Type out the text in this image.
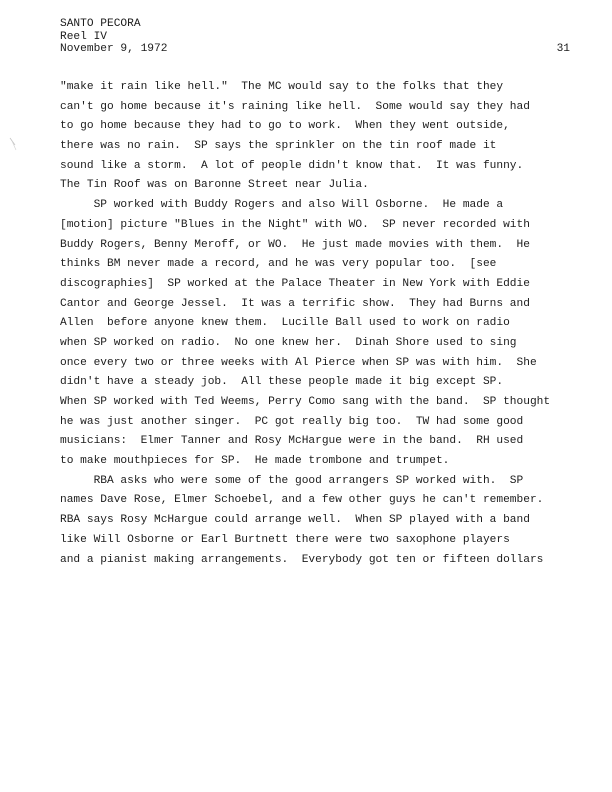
SANTO PECORA
Reel IV
November 9, 1972	31
"make it rain like hell."  The MC would say to the folks that they
can't go home because it's raining like hell.  Some would say they had
to go home because they had to go to work.  When they went outside,
there was no rain.  SP says the sprinkler on the tin roof made it
sound like a storm.  A lot of people didn't know that.  It was funny.
The Tin Roof was on Baronne Street near Julia.
SP worked with Buddy Rogers and also Will Osborne.  He made a
[motion] picture "Blues in the Night" with WO.  SP never recorded with
Buddy Rogers, Benny Meroff, or WO.  He just made movies with them.  He
thinks BM never made a record, and he was very popular too.  [see
discographies]  SP worked at the Palace Theater in New York with Eddie
Cantor and George Jessel.  It was a terrific show.  They had Burns and
Allen  before anyone knew them.  Lucille Ball used to work on radio
when SP worked on radio.  No one knew her.  Dinah Shore used to sing
once every two or three weeks with Al Pierce when SP was with him.  She
didn't have a steady job.  All these people made it big except SP.
When SP worked with Ted Weems, Perry Como sang with the band.  SP thought
he was just another singer.  PC got really big too.  TW had some good
musicians:  Elmer Tanner and Rosy McHargue were in the band.  RH used
to make mouthpieces for SP.  He made trombone and trumpet.
RBA asks who were some of the good arrangers SP worked with.  SP
names Dave Rose, Elmer Schoebel, and a few other guys he can't remember.
RBA says Rosy McHargue could arrange well.  When SP played with a band
like Will Osborne or Earl Burtnett there were two saxophone players
and a pianist making arrangements.  Everybody got ten or fifteen dollars
